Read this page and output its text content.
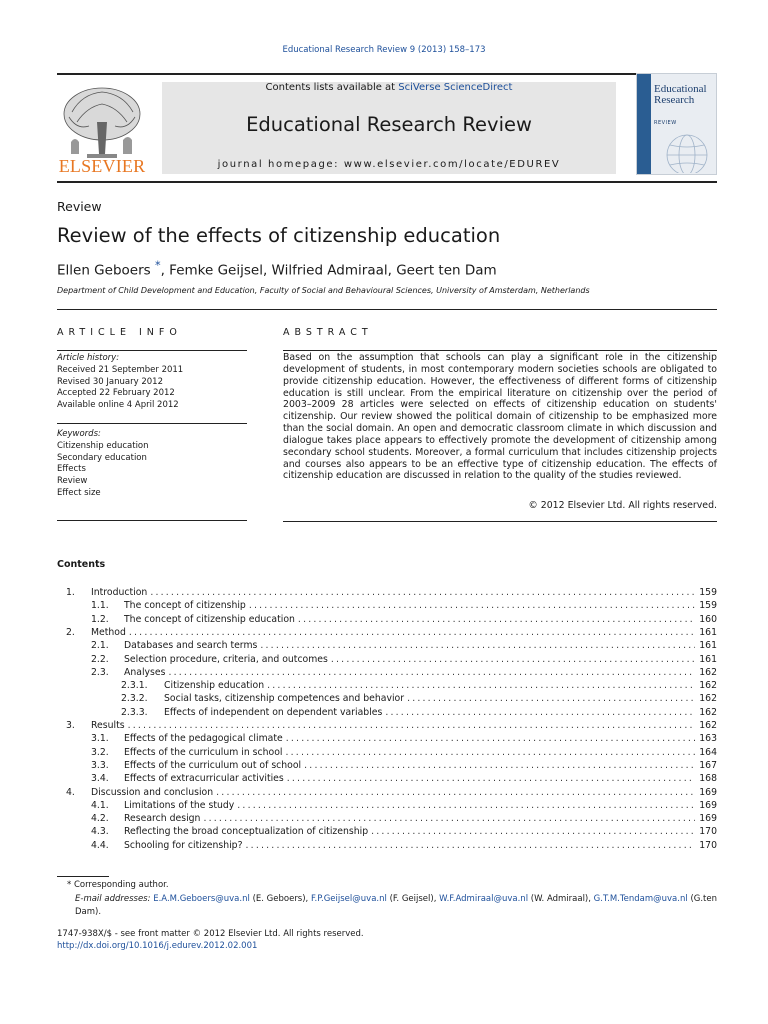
Educational Research Review 9 (2013) 158–173
ELSEVIER
Contents lists available at SciVerse ScienceDirect
Educational Research Review
journal homepage: www.elsevier.com/locate/EDUREV
Educational Research
REVIEW
Review
Review of the effects of citizenship education
Ellen Geboers *, Femke Geijsel, Wilfried Admiraal, Geert ten Dam
Department of Child Development and Education, Faculty of Social and Behavioural Sciences, University of Amsterdam, Netherlands
ARTICLE INFO
Article history:
Received 21 September 2011
Revised 30 January 2012
Accepted 22 February 2012
Available online 4 April 2012
Keywords:
Citizenship education
Secondary education
Effects
Review
Effect size
ABSTRACT
Based on the assumption that schools can play a significant role in the citizenship development of students, in most contemporary modern societies schools are obligated to provide citizenship education. However, the effectiveness of different forms of citizenship education is still unclear. From the empirical literature on citizenship over the period of 2003–2009 28 articles were selected on effects of citizenship education on students' citizenship. Our review showed the political domain of citizenship to be emphasized more than the social domain. An open and democratic classroom climate in which discussion and dialogue takes place appears to effectively promote the development of citizenship among secondary school students. Moreover, a formal curriculum that includes citizenship projects and courses also appears to be an effective type of citizenship education. The effects of citizenship education are discussed in relation to the quality of the studies reviewed.
© 2012 Elsevier Ltd. All rights reserved.
Contents
1. Introduction .....	159
1.1. The concept of citizenship .....	159
1.2. The concept of citizenship education .....	160
2. Method .....	161
2.1. Databases and search terms .....	161
2.2. Selection procedure, criteria, and outcomes .....	161
2.3. Analyses .....	162
2.3.1. Citizenship education .....	162
2.3.2. Social tasks, citizenship competences and behavior .....	162
2.3.3. Effects of independent on dependent variables .....	162
3. Results .....	162
3.1. Effects of the pedagogical climate .....	163
3.2. Effects of the curriculum in school .....	164
3.3. Effects of the curriculum out of school .....	167
3.4. Effects of extracurricular activities .....	168
4. Discussion and conclusion .....	169
4.1. Limitations of the study .....	169
4.2. Research design .....	169
4.3. Reflecting the broad conceptualization of citizenship .....	170
4.4. Schooling for citizenship? .....	170
* Corresponding author.
E-mail addresses: E.A.M.Geboers@uva.nl (E. Geboers), F.P.Geijsel@uva.nl (F. Geijsel), W.F.Admiraal@uva.nl (W. Admiraal), G.T.M.Tendam@uva.nl (G.ten Dam).
1747-938X/$ - see front matter © 2012 Elsevier Ltd. All rights reserved.
http://dx.doi.org/10.1016/j.edurev.2012.02.001
